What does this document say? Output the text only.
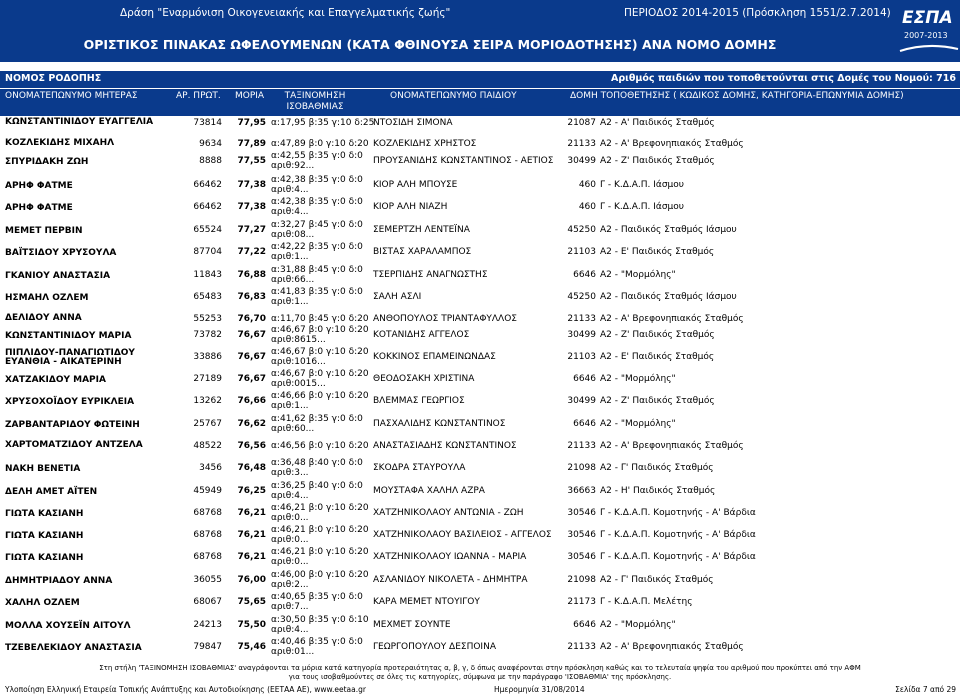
Δράση "Εναρμόνιση Οικογενειακής και Επαγγελματικής ζωής"	ΠΕΡΙΟΔΟΣ 2014-2015 (Πρόσκληση 1551/2.7.2014)
ΟΡΙΣΤΙΚΟΣ ΠΙΝΑΚΑΣ ΩΦΕΛΟΥΜΕΝΩΝ (ΚΑΤΑ ΦΘΙΝΟΥΣΑ ΣΕΙΡΑ ΜΟΡΙΟΔΟΤΗΣΗΣ) ΑΝΑ ΝΟΜΟ ΔΟΜΗΣ
ΕΣΠΑ
2007-2013
ΝΟΜΟΣ ΡΟΔΟΠΗΣ	Αριθμός παιδιών που τοποθετούνται στις Δομές του Νομού: 716
ΟΝΟΜΑΤΕΠΩΝΥΜΟ ΜΗΤΕΡΑΣ	ΑΡ. ΠΡΩΤ. ΜΟΡΙΑ	ΤΑΞΙΝΟΜΗΣΗ
ΙΣΟΒΑΘΜΙΑΣ
ΟΝΟΜΑΤΕΠΩΝΥΜΟ ΠΑΙΔΙΟΥ	ΔΟΜΗ ΤΟΠΟΘΕΤΗΣΗΣ ( ΚΩΔΙΚΟΣ ΔΟΜΗΣ, ΚΑΤΗΓΟΡΙΑ-ΕΠΩΝΥΜΙΑ ΔΟΜΗΣ)
ΚΩΝΣΤΑΝΤΙΝΙΔΟΥ ΕΥΑΓΓΕΛΙΑ	73814	77,95 α:17,95 β:35 γ:10 δ:25
ΝΤΟΣΙΔΗ ΣΙΜΟΝΑ	21087 Α2 - Α' Παιδικός Σταθμός
ΚΟΖΛΕΚΙΔΗΣ ΜΙΧΑΗΛ	9634	77,89 α:47,89 β:0 γ:10 δ:20 ΚΟΖΛΕΚΙΔΗΣ ΧΡΗΣΤΟΣ	21133 Α2 - Α' Βρεφονηπιακός Σταθμός
ΣΠΥΡΙΔΑΚΗ ΖΩΗ	8888	77,55 α:42,55 β:35 γ:0 δ:0
αριθ:92...	ΠΡΟΥΣΑΝΙΔΗΣ ΚΩΝΣΤΑΝΤΙΝΟΣ - ΑΕΤΙΟΣ	30499 Α2 - Ζ' Παιδικός Σταθμός
ΑΡΗΦ ΦΑΤΜΕ	66462	77,38 α:42,38 β:35 γ:0 δ:0
αριθ:4...	ΚΙΟΡ ΑΛΗ ΜΠΟΥΣΕ	460 Γ - Κ.Δ.Α.Π. Ιάσμου
ΑΡΗΦ ΦΑΤΜΕ	66462	77,38 α:42,38 β:35 γ:0 δ:0
αριθ:4...	ΚΙΟΡ ΑΛΗ ΝΙΑΖΗ	460 Γ - Κ.Δ.Α.Π. Ιάσμου
ΜΕΜΕΤ ΠΕΡΒΙΝ	65524	77,27 α:32,27 β:45 γ:0 δ:0
αριθ:08...	ΣΕΜΕΡΤΖΗ ΛΕΝΤΕΪΝΑ	45250 Α2 - Παιδικός Σταθμός Ιάσμου
ΒΑΪΤΣΙΔΟΥ ΧΡΥΣΟΥΛΑ	87704	77,22 α:42,22 β:35 γ:0 δ:0
αριθ:1...	ΒΙΣΤΑΣ ΧΑΡΑΛΑΜΠΟΣ	21103 Α2 - Ε' Παιδικός Σταθμός
ΓΚΑΝΙΟΥ ΑΝΑΣΤΑΣΙΑ	11843	76,88 α:31,88 β:45 γ:0 δ:0
αριθ:66...	ΤΣΕΡΠΙΔΗΣ ΑΝΑΓΝΩΣΤΗΣ	6646 Α2 - "Μορμόλης"
ΗΣΜΑΗΛ ΟΖΛΕΜ	65483	76,83 α:41,83 β:35 γ:0 δ:0
αριθ:1...	ΣΑΛΗ ΑΣΛΙ	45250 Α2 - Παιδικός Σταθμός Ιάσμου
ΔΕΛΙΔΟΥ ΑΝΝΑ	55253	76,70 α:11,70 β:45 γ:0 δ:20 ΑΝΘΟΠΟΥΛΟΣ ΤΡΙΑΝΤΑΦΥΛΛΟΣ	21133 Α2 - Α' Βρεφονηπιακός Σταθμός
ΚΩΝΣΤΑΝΤΙΝΙΔΟΥ ΜΑΡΙΑ	73782	76,67 α:46,67 β:0 γ:10 δ:20
αριθ:8615...	ΚΟΤΑΝΙΔΗΣ ΑΓΓΕΛΟΣ	30499 Α2 - Ζ' Παιδικός Σταθμός
ΠΙΠΛΙΔΟΥ-ΠΑΝΑΓΙΩΤΙΔΟΥ
ΕΥΑΝΘΙΑ - ΑΙΚΑΤΕΡΙΝΗ	33886	76,67 α:46,67 β:0 γ:10 δ:20
αριθ:1016...	ΚΟΚΚΙΝΟΣ ΕΠΑΜΕΙΝΩΝΔΑΣ	21103 Α2 - Ε' Παιδικός Σταθμός
ΧΑΤΖΑΚΙΔΟΥ ΜΑΡΙΑ	27189	76,67 α:46,67 β:0 γ:10 δ:20
αριθ:0015...	ΘΕΟΔΟΣΑΚΗ ΧΡΙΣΤΙΝΑ	6646 Α2 - "Μορμόλης"
ΧΡΥΣΟΧΟΪΔΟΥ ΕΥΡΙΚΛΕΙΑ	13262	76,66 α:46,66 β:0 γ:10 δ:20
αριθ:1...	ΒΛΕΜΜΑΣ ΓΕΩΡΓΙΟΣ	30499 Α2 - Ζ' Παιδικός Σταθμός
ΖΑΡΒΑΝΤΑΡΙΔΟΥ ΦΩΤΕΙΝΗ	25767	76,62 α:41,62 β:35 γ:0 δ:0
αριθ:60...	ΠΑΣΧΑΛΙΔΗΣ ΚΩΝΣΤΑΝΤΙΝΟΣ	6646 Α2 - "Μορμόλης"
ΧΑΡΤΟΜΑΤΖΙΔΟΥ ΑΝΤΖΕΛΑ	48522	76,56 α:46,56 β:0 γ:10 δ:20 ΑΝΑΣΤΑΣΙΑΔΗΣ ΚΩΝΣΤΑΝΤΙΝΟΣ	21133 Α2 - Α' Βρεφονηπιακός Σταθμός
ΝΑΚΗ ΒΕΝΕΤΙΑ	3456	76,48 α:36,48 β:40 γ:0 δ:0
αριθ:3...	ΣΚΟΔΡΑ ΣΤΑΥΡΟΥΛΑ	21098 Α2 - Γ' Παιδικός Σταθμός
ΔΕΛΗ ΑΜΕΤ ΑΪΤΕΝ	45949	76,25 α:36,25 β:40 γ:0 δ:0
αριθ:4...	ΜΟΥΣΤΑΦΑ ΧΑΛΗΛ ΑΖΡΑ	36663 Α2 - Η' Παιδικός Σταθμός
ΓΙΩΤΑ ΚΑΣΙΑΝΗ	68768	76,21 α:46,21 β:0 γ:10 δ:20
αριθ:0...	ΧΑΤΖΗΝΙΚΟΛΑΟΥ ΑΝΤΩΝΙΑ - ΖΩΗ	30546 Γ - Κ.Δ.Α.Π. Κομοτηνής - Α' Βάρδια
ΓΙΩΤΑ ΚΑΣΙΑΝΗ	68768	76,21 α:46,21 β:0 γ:10 δ:20
αριθ:0...	ΧΑΤΖΗΝΙΚΟΛΑΟΥ ΒΑΣΙΛΕΙΟΣ - ΑΓΓΕΛΟΣ	30546 Γ - Κ.Δ.Α.Π. Κομοτηνής - Α' Βάρδια
ΓΙΩΤΑ ΚΑΣΙΑΝΗ	68768	76,21 α:46,21 β:0 γ:10 δ:20
αριθ:0...	ΧΑΤΖΗΝΙΚΟΛΑΟΥ ΙΩΑΝΝΑ - ΜΑΡΙΑ	30546 Γ - Κ.Δ.Α.Π. Κομοτηνής - Α' Βάρδια
ΔΗΜΗΤΡΙΑΔΟΥ ΑΝΝΑ	36055	76,00 α:46,00 β:0 γ:10 δ:20
αριθ:2...	ΑΣΛΑΝΙΔΟΥ ΝΙΚΟΛΕΤΑ - ΔΗΜΗΤΡΑ	21098 Α2 - Γ' Παιδικός Σταθμός
ΧΑΛΗΛ ΟΖΛΕΜ	68067	75,65 α:40,65 β:35 γ:0 δ:0
αριθ:7...	ΚΑΡΑ ΜΕΜΕΤ ΝΤΟΥΙΓΟΥ	21173 Γ - Κ.Δ.Α.Π. Μελέτης
ΜΟΛΛΑ ΧΟΥΣΕΪΝ ΑΙΤΟΥΛ	24213	75,50 α:30,50 β:35 γ:0 δ:10
αριθ:4...	ΜΕΧΜΕΤ ΣΟΥΝΤΕ	6646 Α2 - "Μορμόλης"
ΤΖΕΒΕΛΕΚΙΔΟΥ ΑΝΑΣΤΑΣΙΑ	79847	75,46 α:40,46 β:35 γ:0 δ:0
αριθ:01...	ΓΕΩΡΓΟΠΟΥΛΟΥ ΔΕΣΠΟΙΝΑ	21133 Α2 - Α' Βρεφονηπιακός Σταθμός
Στη στήλη 'ΤΑΞΙΝΟΜΗΣΗ ΙΣΟΒΑΘΜΙΑΣ' αναγράφονται τα μόρια κατά κατηγορία προτεραιότητας α, β, γ, δ όπως αναφέρονται στην πρόσκληση καθώς και το τελευταία ψηφία του αριθμού που προκύπτει από την ΑΦΜ
για τους ισοβαθμούντες σε όλες τις κατηγορίες, σύμφωνα με την παράγραφο 'ΙΣΟΒΑΘΜΙΑ' της πρόσκλησης.
Υλοποίηση Ελληνική Εταιρεία Τοπικής Ανάπτυξης και Αυτοδιοίκησης (ΕΕΤΑΑ ΑΕ), www.eetaa.gr	Ημερομηνία 31/08/2014	Σελίδα 7 από 29
